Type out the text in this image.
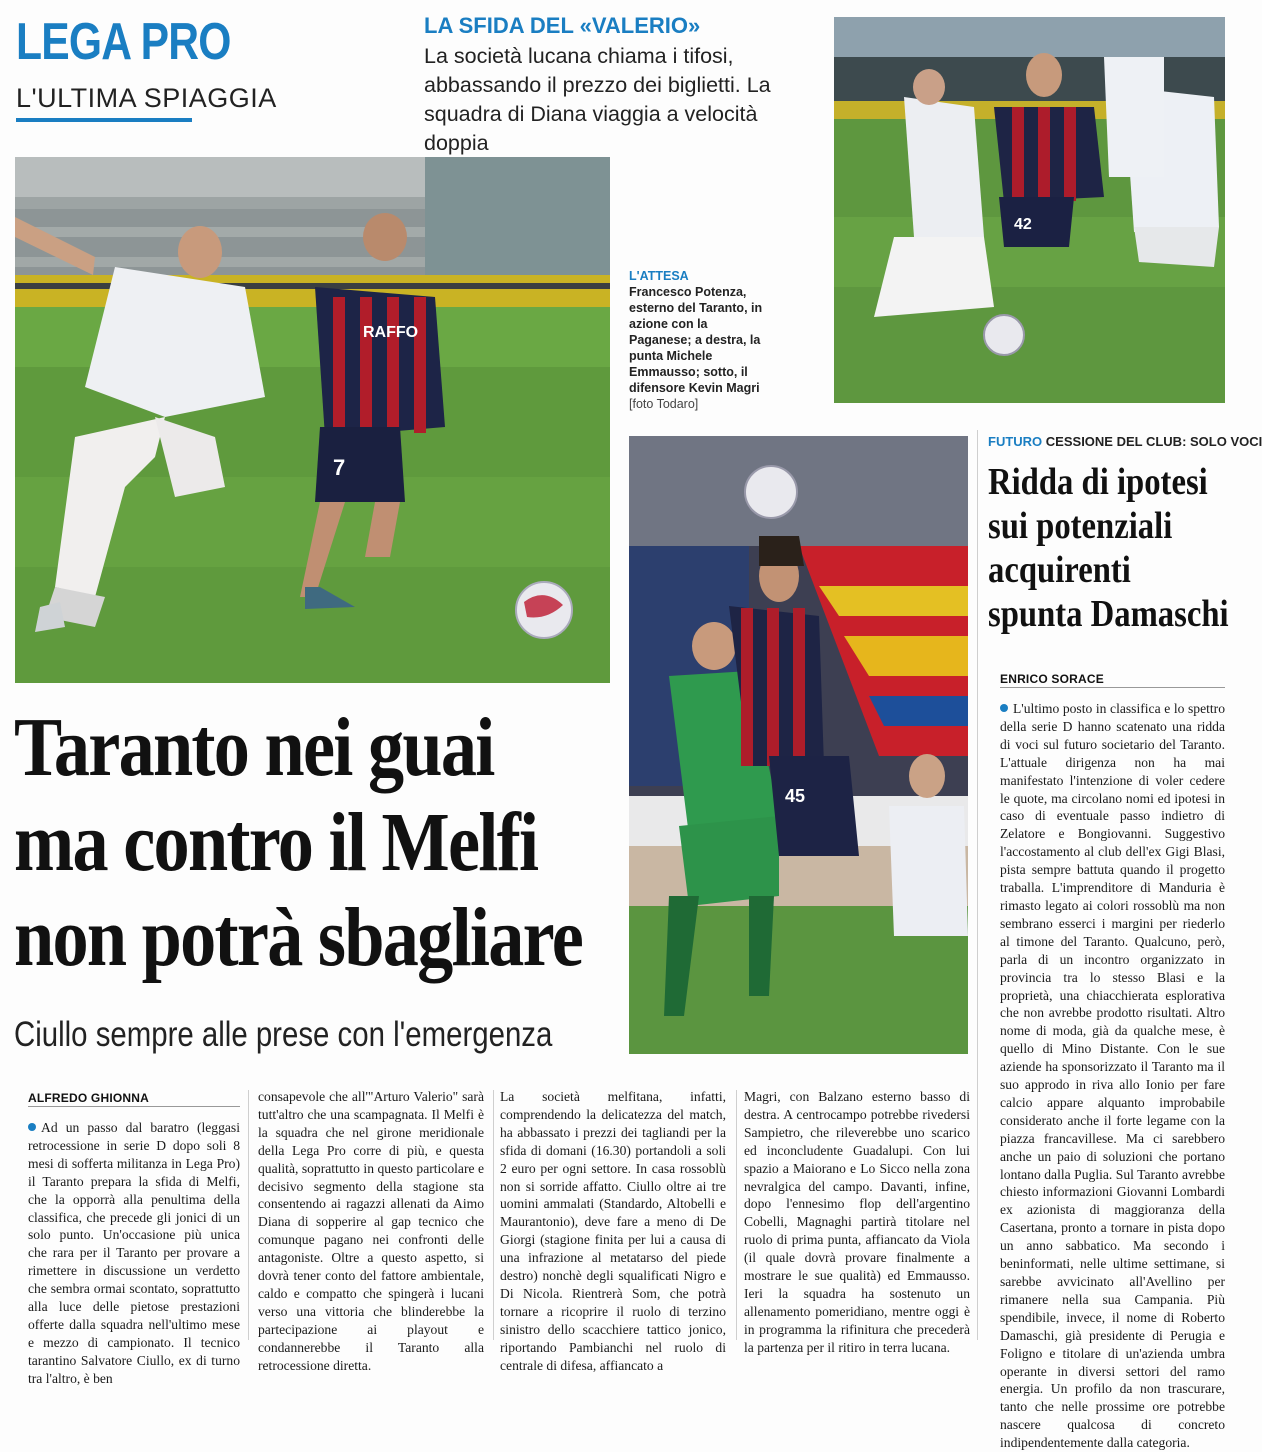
LEGA PRO
L'ULTIMA SPIAGGIA
LA SFIDA DEL «VALERIO»
La società lucana chiama i tifosi, abbassando il prezzo dei biglietti. La squadra di Diana viaggia a velocità doppia
RAFFO
7
42
45
L'ATTESA
Francesco Potenza, esterno del Taranto, in azione con la Paganese; a destra, la punta Michele Emmausso; sotto, il difensore Kevin Magri
[foto Todaro]
Taranto nei guai
ma contro il Melfi
non potrà sbagliare
Ciullo sempre alle prese con l'emergenza
ALFREDO GHIONNA
Ad un passo dal baratro (leggasi retrocessione in serie D dopo soli 8 mesi di sofferta militanza in Lega Pro) il Taranto prepara la sfida di Melfi, che la opporrà alla penultima della classifica, che precede gli jonici di un solo punto. Un'occasione più unica che rara per il Taranto per provare a rimettere in discussione un verdetto che sembra ormai scontato, soprattutto alla luce delle pietose prestazioni offerte dalla squadra nell'ultimo mese e mezzo di campionato. Il tecnico tarantino Salvatore Ciullo, ex di turno tra l'altro, è ben
consapevole che all'"Arturo Valerio" sarà tutt'altro che una scampagnata. Il Melfi è la squadra che nel girone meridionale della Lega Pro corre di più, e questa qualità, soprattutto in questo particolare e decisivo segmento della stagione sta consentendo ai ragazzi allenati da Aimo Diana di sopperire al gap tecnico che comunque pagano nei confronti delle antagoniste. Oltre a questo aspetto, si dovrà tener conto del fattore ambientale, caldo e compatto che spingerà i lucani verso una vittoria che blinderebbe la partecipazione ai playout e condannerebbe il Taranto alla retrocessione diretta.
La società melfitana, infatti, comprendendo la delicatezza del match, ha abbassato i prezzi dei tagliandi per la sfida di domani (16.30) portandoli a soli 2 euro per ogni settore. In casa rossoblù non si sorride affatto. Ciullo oltre ai tre uomini ammalati (Standardo, Altobelli e Maurantonio), deve fare a meno di De Giorgi (stagione finita per lui a causa di una infrazione al metatarso del piede destro) nonchè degli squalificati Nigro e Di Nicola. Rientrerà Som, che potrà tornare a ricoprire il ruolo di terzino sinistro dello scacchiere tattico jonico, riportando Pambianchi nel ruolo di centrale di difesa, affiancato a
Magri, con Balzano esterno basso di destra. A centrocampo potrebbe rivedersi Sampietro, che rileverebbe uno scarico ed inconcludente Guadalupi. Con lui spazio a Maiorano e Lo Sicco nella zona nevralgica del campo. Davanti, infine, dopo l'ennesimo flop dell'argentino Cobelli, Magnaghi partirà titolare nel ruolo di prima punta, affiancato da Viola (il quale dovrà provare finalmente a mostrare le sue qualità) ed Emmausso. Ieri la squadra ha sostenuto un allenamento pomeridiano, mentre oggi è in programma la rifinitura che precederà la partenza per il ritiro in terra lucana.
FUTURO CESSIONE DEL CLUB: SOLO VOCI
Ridda di ipotesi
sui potenziali
acquirenti
spunta Damaschi
ENRICO SORACE
L'ultimo posto in classifica e lo spettro della serie D hanno scatenato una ridda di voci sul futuro societario del Taranto. L'attuale dirigenza non ha mai manifestato l'intenzione di voler cedere le quote, ma circolano nomi ed ipotesi in caso di eventuale passo indietro di Zelatore e Bongiovanni. Suggestivo l'accostamento al club dell'ex Gigi Blasi, pista sempre battuta quando il progetto traballa. L'imprenditore di Manduria è rimasto legato ai colori rossoblù ma non sembrano esserci i margini per riederlo al timone del Taranto. Qualcuno, però, parla di un incontro organizzato in provincia tra lo stesso Blasi e la proprietà, una chiacchierata esplorativa che non avrebbe prodotto risultati. Altro nome di moda, già da qualche mese, è quello di Mino Distante. Con le sue aziende ha sponsorizzato il Taranto ma il suo approdo in riva allo Ionio per fare calcio appare alquanto improbabile considerato anche il forte legame con la piazza francavillese. Ma ci sarebbero anche un paio di soluzioni che portano lontano dalla Puglia. Sul Taranto avrebbe chiesto informazioni Giovanni Lombardi ex azionista di maggioranza della Casertana, pronto a tornare in pista dopo un anno sabbatico. Ma secondo i beninformati, nelle ultime settimane, si sarebbe avvicinato all'Avellino per rimanere nella sua Campania. Più spendibile, invece, il nome di Roberto Damaschi, già presidente di Perugia e Foligno e titolare di un'azienda umbra operante in diversi settori del ramo energia. Un profilo da non trascurare, tanto che nelle prossime ore potrebbe nascere qualcosa di concreto indipendentemente dalla categoria.
